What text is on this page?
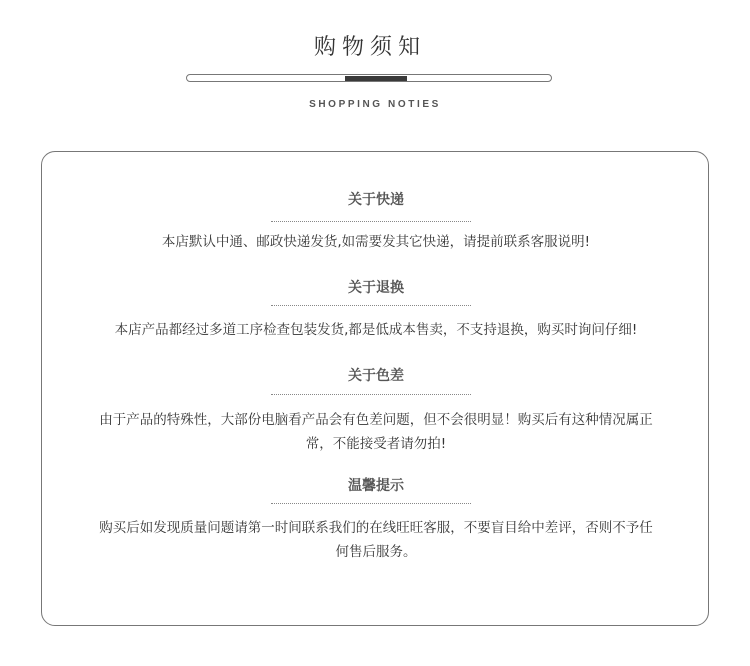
购物须知
SHOPPING NOTIES
关于快递
本店默认中通、邮政快递发货,如需要发其它快递，请提前联系客服说明!
关于退换
本店产品都经过多道工序检查包装发货,都是低成本售卖，不支持退换，购买时询问仔细!
关于色差
由于产品的特殊性，大部份电脑看产品会有色差问题，但不会很明显！购买后有这种情况属正常，不能接受者请勿拍!
温馨提示
购买后如发现质量问题请第一时间联系我们的在线旺旺客服，不要盲目给中差评，否则不予任何售后服务。
